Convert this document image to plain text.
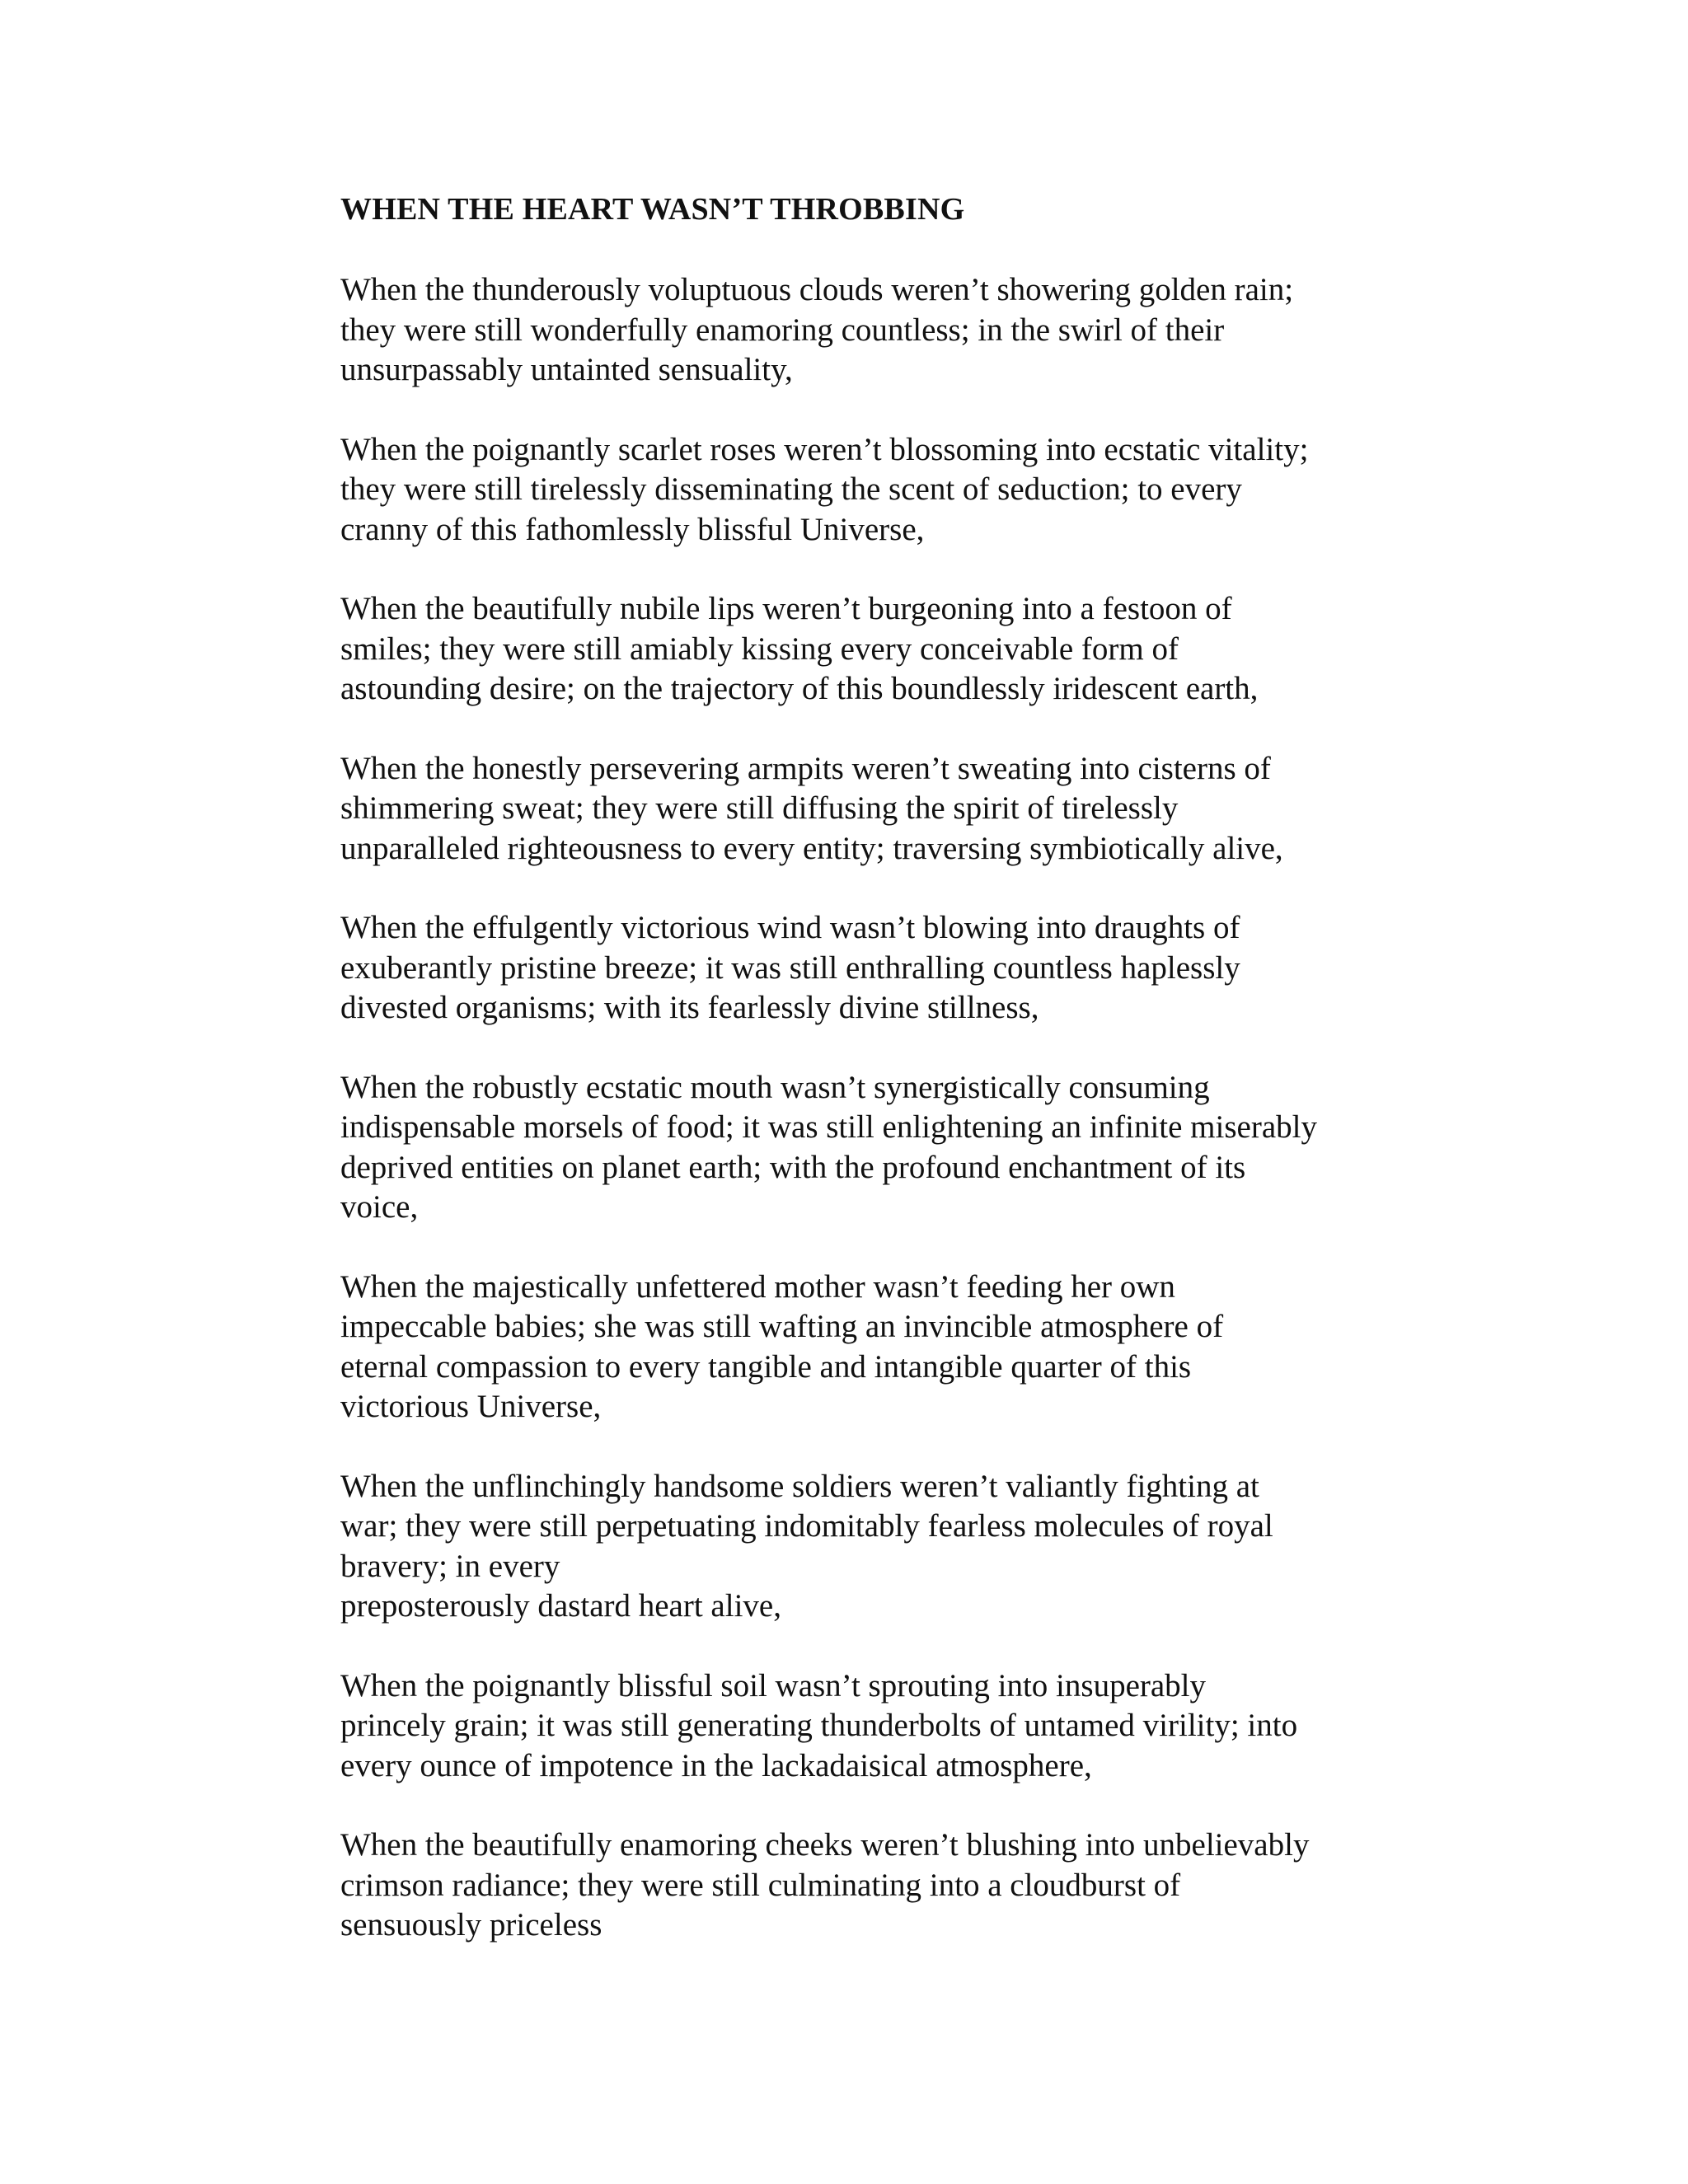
WHEN THE HEART WASN’T THROBBING
When the thunderously voluptuous clouds weren’t showering golden rain;
they were still wonderfully enamoring countless; in the swirl of their
unsurpassably untainted sensuality,
When the poignantly scarlet roses weren’t blossoming into ecstatic vitality;
they were still tirelessly disseminating the scent of seduction; to every
cranny of this fathomlessly blissful Universe,
When the beautifully nubile lips weren’t burgeoning into a festoon of
smiles; they were still amiably kissing every conceivable form of
astounding desire; on the trajectory of this boundlessly iridescent earth,
When the honestly persevering armpits weren’t sweating into cisterns of
shimmering sweat; they were still diffusing the spirit of tirelessly
unparalleled righteousness to every entity; traversing symbiotically alive,
When the effulgently victorious wind wasn’t blowing into draughts of
exuberantly pristine breeze; it was still enthralling countless haplessly
divested organisms; with its fearlessly divine stillness,
When the robustly ecstatic mouth wasn’t synergistically consuming
indispensable morsels of food; it was still enlightening an infinite miserably
deprived entities on planet earth; with the profound enchantment of its
voice,
When the majestically unfettered mother wasn’t feeding her own
impeccable babies; she was still wafting an invincible atmosphere of
eternal compassion to every tangible and intangible quarter of this
victorious Universe,
When the unflinchingly handsome soldiers weren’t valiantly fighting at
war; they were still perpetuating indomitably fearless molecules of royal
bravery; in every
preposterously dastard heart alive,
When the poignantly blissful soil wasn’t sprouting into insuperably
princely grain; it was still generating thunderbolts of untamed virility; into
every ounce of impotence in the lackadaisical atmosphere,
When the beautifully enamoring cheeks weren’t blushing into unbelievably
crimson radiance; they were still culminating into a cloudburst of
sensuously priceless
